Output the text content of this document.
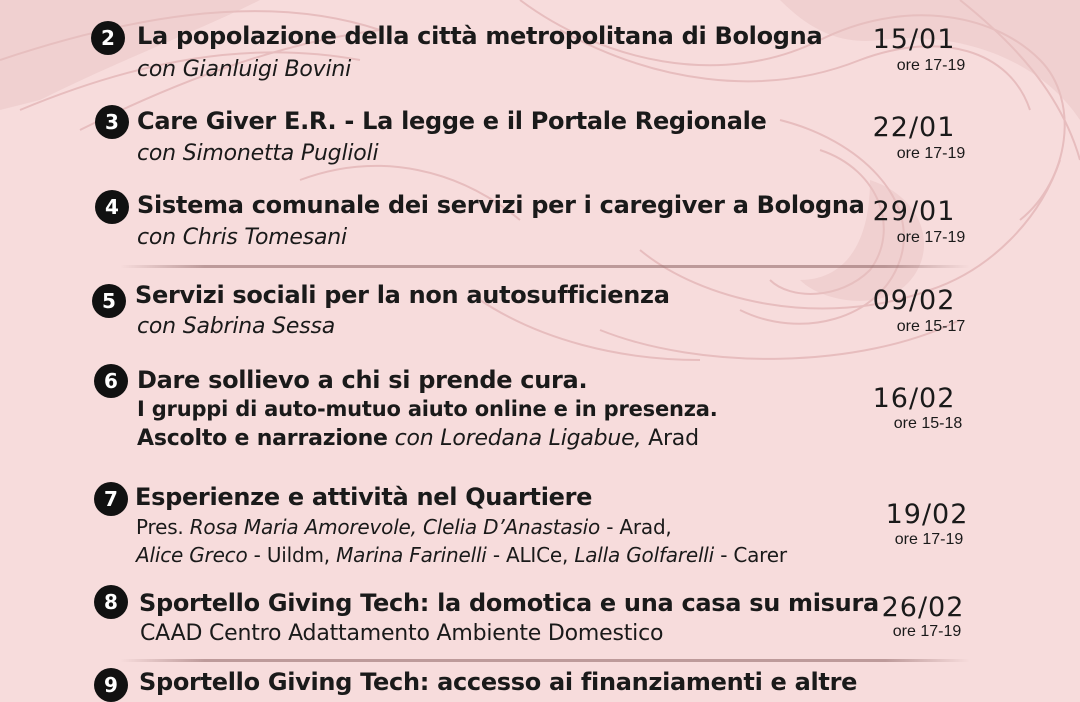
2 La popolazione della città metropolitana di Bologna
con Gianluigi Bovini
15/01
ore 17-19
3 Care Giver E.R. - La legge e il Portale Regionale
con Simonetta Puglioli
22/01
ore 17-19
4 Sistema comunale dei servizi per i caregiver a Bologna
con Chris Tomesani
29/01
ore 17-19
5 Servizi sociali per la non autosufficienza
con Sabrina Sessa
09/02
ore 15-17
6 Dare sollievo a chi si prende cura.
I gruppi di auto-mutuo aiuto online e in presenza.
Ascolto e narrazione con Loredana Ligabue, Arad
16/02
ore 15-18
7 Esperienze e attività nel Quartiere
Pres. Rosa Maria Amorevole, Clelia D’Anastasio - Arad,
Alice Greco - Uildm, Marina Farinelli - ALICe, Lalla Golfarelli - Carer
19/02
ore 17-19
8 Sportello Giving Tech: la domotica e una casa su misura
CAAD Centro Adattamento Ambiente Domestico
26/02
ore 17-19
9 Sportello Giving Tech: accesso ai finanziamenti e altre
